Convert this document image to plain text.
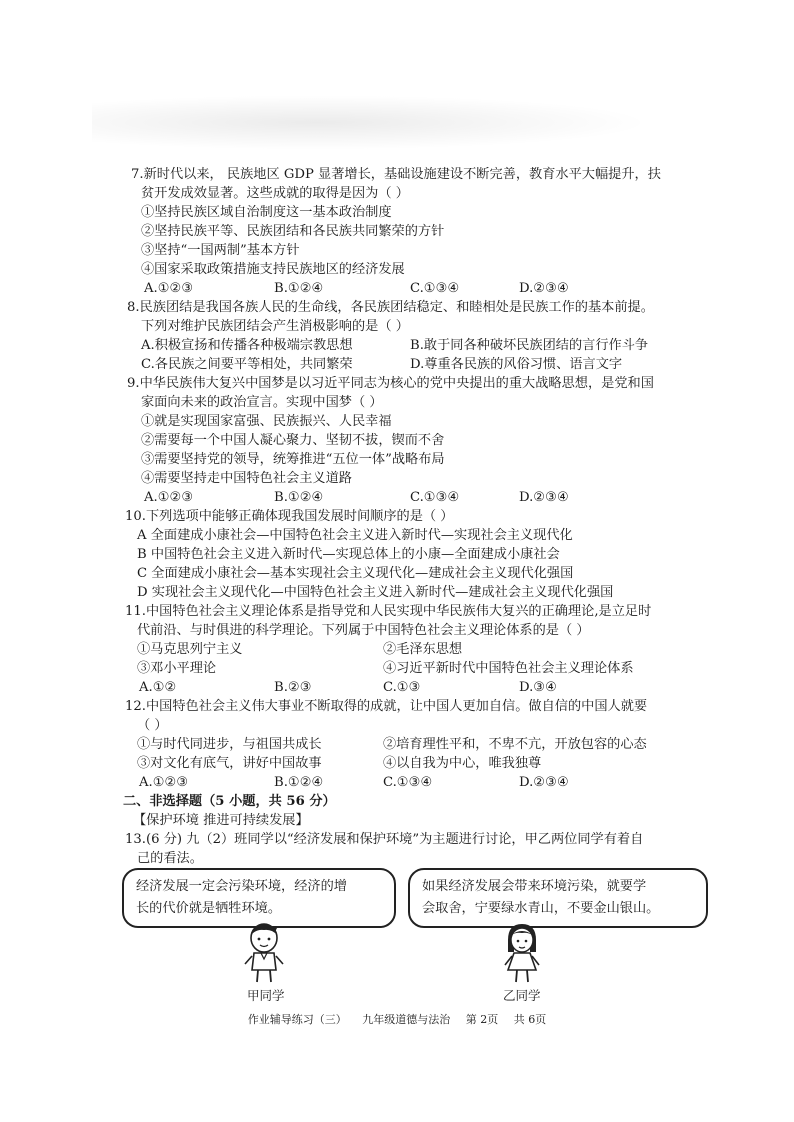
7.新时代以来， 民族地区 GDP 显著增长，基础设施建设不断完善，教育水平大幅提升，扶
贫开发成效显著。这些成就的取得是因为（ ）
①坚持民族区域自治制度这一基本政治制度
②坚持民族平等、民族团结和各民族共同繁荣的方针
③坚持“一国两制”基本方针
④国家采取政策措施支持民族地区的经济发展
A.①②③	B.①②④	C.①③④	D.②③④
8.民族团结是我国各族人民的生命线，各民族团结稳定、和睦相处是民族工作的基本前提。
下列对维护民族团结会产生消极影响的是（ ）
A.积极宣扬和传播各种极端宗教思想	B.敢于同各种破坏民族团结的言行作斗争
C.各民族之间要平等相处，共同繁荣	D.尊重各民族的风俗习惯、语言文字
9.中华民族伟大复兴中国梦是以习近平同志为核心的党中央提出的重大战略思想，是党和国
家面向未来的政治宣言。实现中国梦（ ）
①就是实现国家富强、民族振兴、人民幸福
②需要每一个中国人凝心聚力、坚韧不拔，锲而不舍
③需要坚持党的领导，统筹推进“五位一体”战略布局
④需要坚持走中国特色社会主义道路
A.①②③	B.①②④	C.①③④	D.②③④
10.下列选项中能够正确体现我国发展时间顺序的是（ ）
A 全面建成小康社会—中国特色社会主义进入新时代—实现社会主义现代化
B 中国特色社会主义进入新时代—实现总体上的小康—全面建成小康社会
C 全面建成小康社会—基本实现社会主义现代化—建成社会主义现代化强国
D 实现社会主义现代化—中国特色社会主义进入新时代—建成社会主义现代化强国
11.中国特色社会主义理论体系是指导党和人民实现中华民族伟大复兴的正确理论,是立足时
代前沿、与时俱进的科学理论。下列属于中国特色社会主义理论体系的是（ ）
①马克思列宁主义	②毛泽东思想
③邓小平理论	④习近平新时代中国特色社会主义理论体系
A.①②	B.②③	C.①③	D.③④
12.中国特色社会主义伟大事业不断取得的成就，让中国人更加自信。做自信的中国人就要
（ ）
①与时代同进步，与祖国共成长	②培育理性平和，不卑不亢，开放包容的心态
③对文化有底气，讲好中国故事	④以自我为中心，唯我独尊
A.①②③	B.①②④	C.①③④	D.②③④
二、非选择题（5 小题，共 56 分）
【保护环境 推进可持续发展】
13.(6 分) 九（2）班同学以“经济发展和保护环境”为主题进行讨论，甲乙两位同学有着自
己的看法。
经济发展一定会污染环境，经济的增
长的代价就是牺牲环境。
如果经济发展会带来环境污染，就要学
会取舍，宁要绿水青山，不要金山银山。
甲同学	乙同学
作业辅导练习（三） 九年级道德与法治 第 2页 共 6页
